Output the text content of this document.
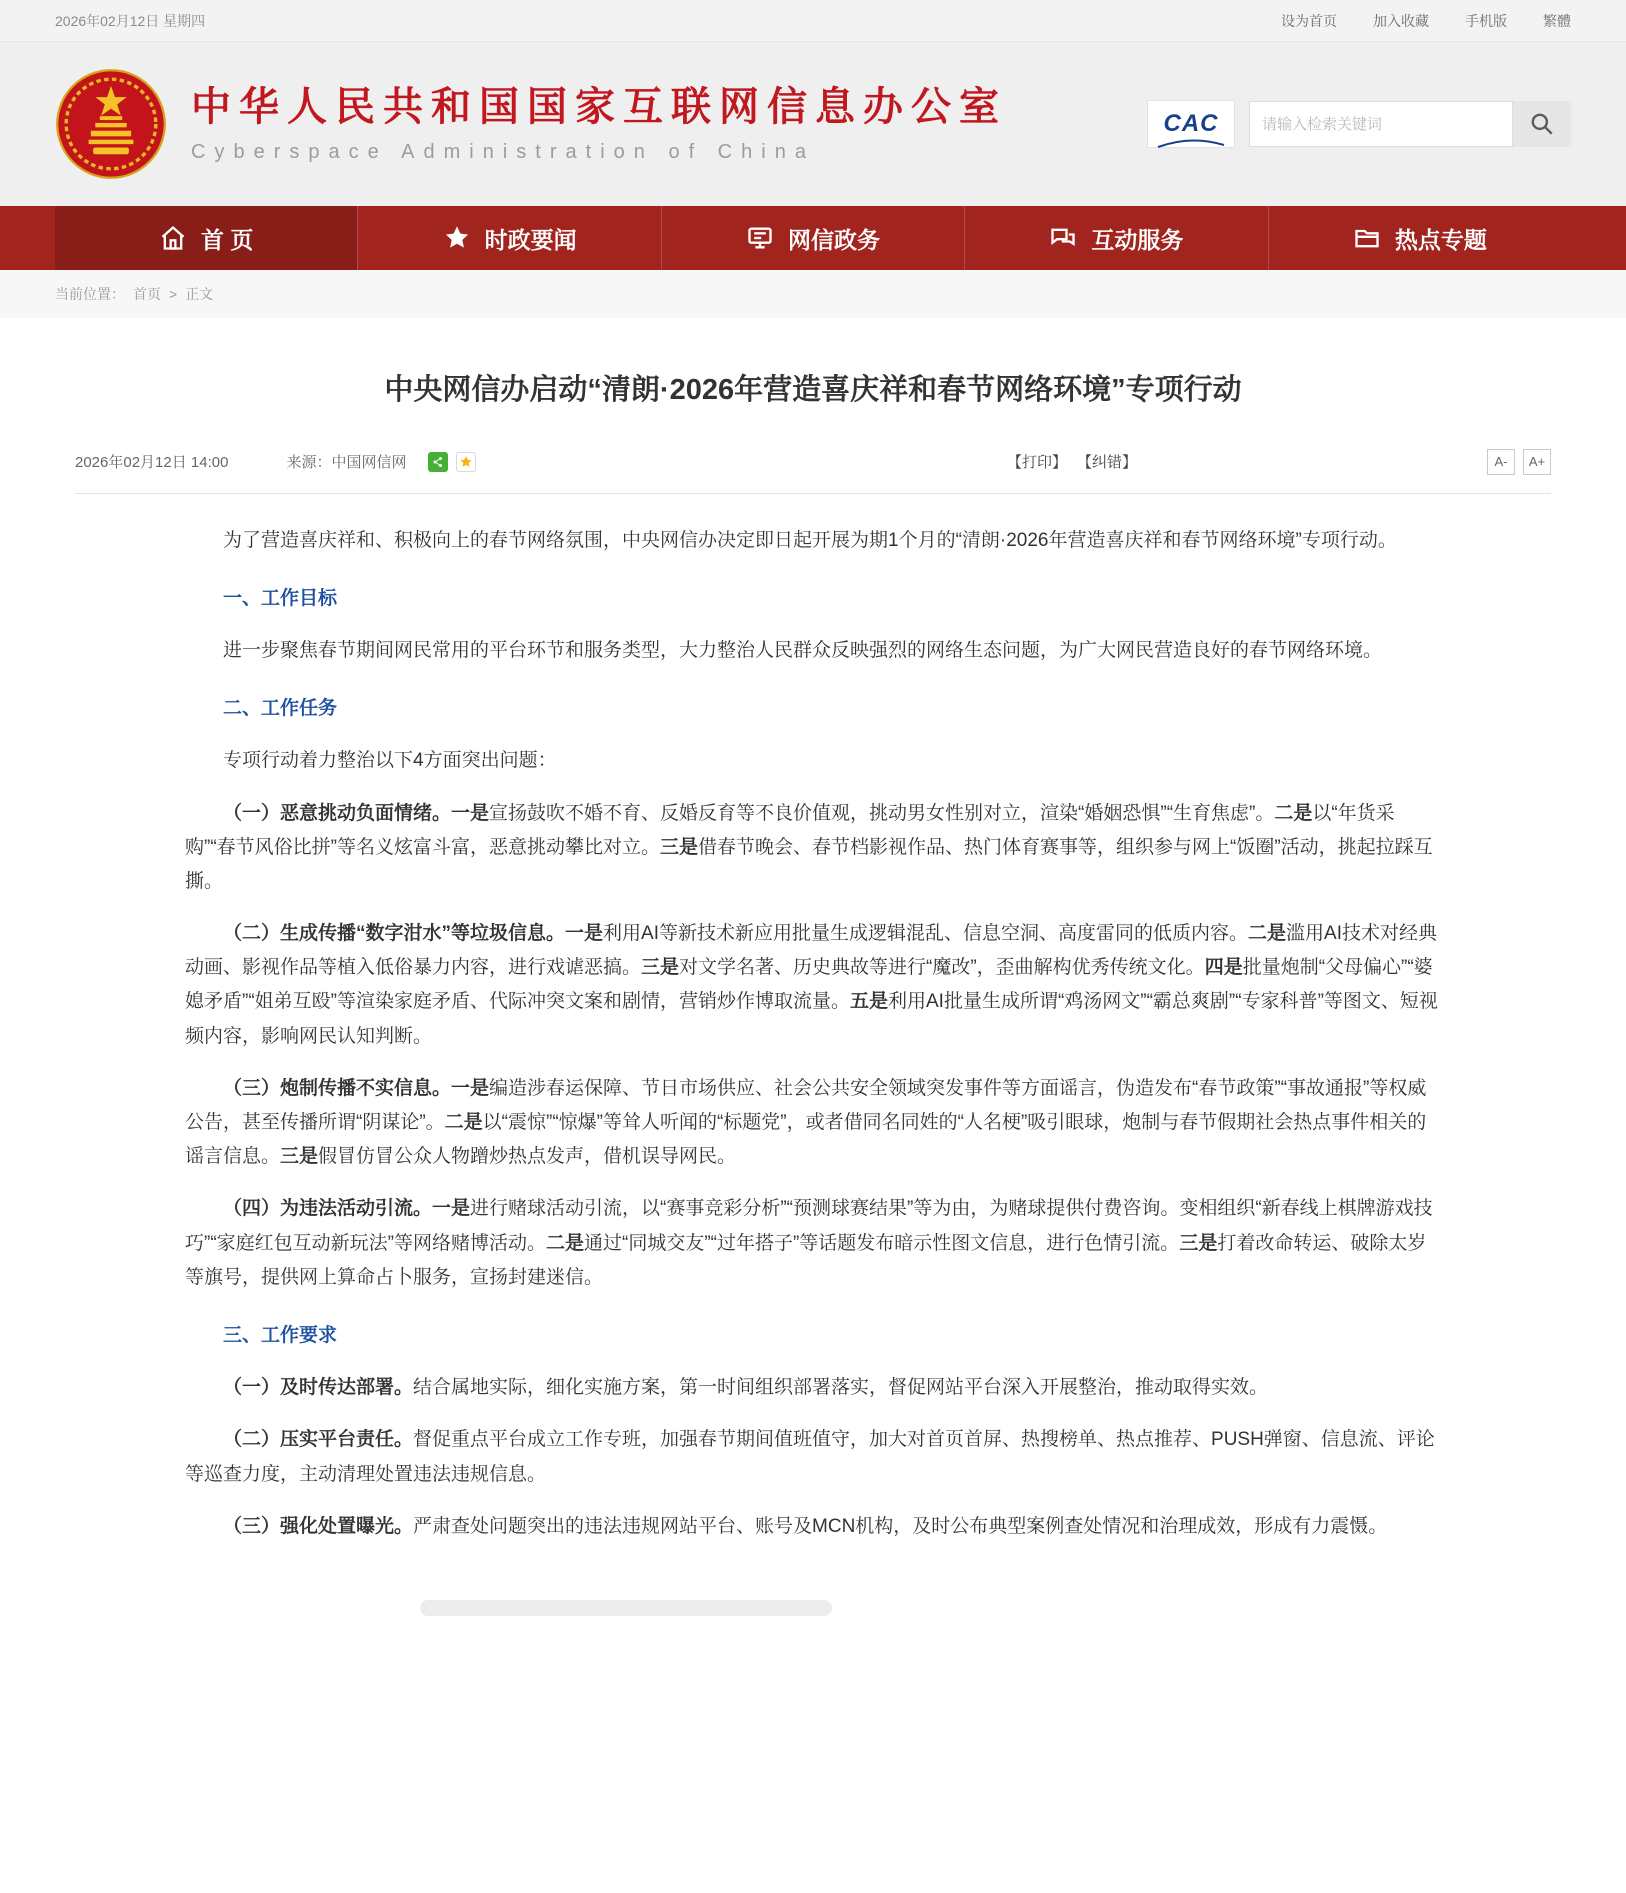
2026年02月12日 星期四	设为首页	加入收藏	手机版	繁體
中华人民共和国国家互联网信息办公室
Cyberspace Administration of China
CAC
请输入检索关键词
首 页	时政要闻	网信政务	互动服务	热点专题
当前位置： 首页 > 正文
中央网信办启动“清朗·2026年营造喜庆祥和春节网络环境”专项行动
2026年02月12日 14:00	来源：中国网信网	【打印】 【纠错】	A-	A+

为了营造喜庆祥和、积极向上的春节网络氛围，中央网信办决定即日起开展为期1个月的“清朗·2026年营造喜庆祥和春节网络环境”专项行动。

一、工作目标

进一步聚焦春节期间网民常用的平台环节和服务类型，大力整治人民群众反映强烈的网络生态问题，为广大网民营造良好的春节网络环境。

二、工作任务

专项行动着力整治以下4方面突出问题：

（一）恶意挑动负面情绪。一是宣扬鼓吹不婚不育、反婚反育等不良价值观，挑动男女性别对立，渲染“婚姻恐惧”“生育焦虑”。二是以“年货采购”“春节风俗比拼”等名义炫富斗富，恶意挑动攀比对立。三是借春节晚会、春节档影视作品、热门体育赛事等，组织参与网上“饭圈”活动，挑起拉踩互撕。

（二）生成传播“数字泔水”等垃圾信息。一是利用AI等新技术新应用批量生成逻辑混乱、信息空洞、高度雷同的低质内容。二是滥用AI技术对经典动画、影视作品等植入低俗暴力内容，进行戏谑恶搞。三是对文学名著、历史典故等进行“魔改”，歪曲解构优秀传统文化。四是批量炮制“父母偏心”“婆媳矛盾”“姐弟互殴”等渲染家庭矛盾、代际冲突文案和剧情，营销炒作博取流量。五是利用AI批量生成所谓“鸡汤网文”“霸总爽剧”“专家科普”等图文、短视频内容，影响网民认知判断。

（三）炮制传播不实信息。一是编造涉春运保障、节日市场供应、社会公共安全领域突发事件等方面谣言，伪造发布“春节政策”“事故通报”等权威公告，甚至传播所谓“阴谋论”。二是以“震惊”“惊爆”等耸人听闻的“标题党”，或者借同名同姓的“人名梗”吸引眼球，炮制与春节假期社会热点事件相关的谣言信息。三是假冒仿冒公众人物蹭炒热点发声，借机误导网民。

（四）为违法活动引流。一是进行赌球活动引流，以“赛事竞彩分析”“预测球赛结果”等为由，为赌球提供付费咨询。变相组织“新春线上棋牌游戏技巧”“家庭红包互动新玩法”等网络赌博活动。二是通过“同城交友”“过年搭子”等话题发布暗示性图文信息，进行色情引流。三是打着改命转运、破除太岁等旗号，提供网上算命占卜服务，宣扬封建迷信。

三、工作要求

（一）及时传达部署。结合属地实际，细化实施方案，第一时间组织部署落实，督促网站平台深入开展整治，推动取得实效。

（二）压实平台责任。督促重点平台成立工作专班，加强春节期间值班值守，加大对首页首屏、热搜榜单、热点推荐、PUSH弹窗、信息流、评论等巡查力度，主动清理处置违法违规信息。

（三）强化处置曝光。严肃查处问题突出的违法违规网站平台、账号及MCN机构，及时公布典型案例查处情况和治理成效，形成有力震慑。
